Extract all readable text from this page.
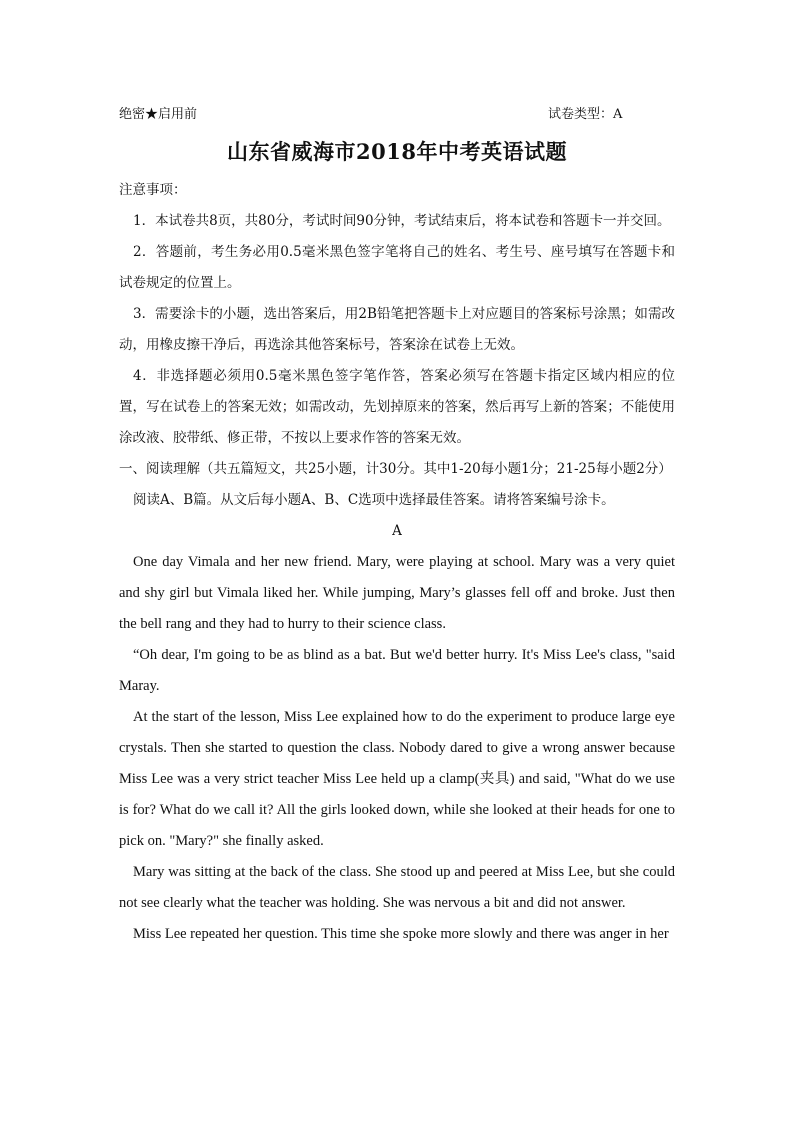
绝密★启用前	试卷类型：A
山东省威海市2018年中考英语试题

注意事项：

1．本试卷共8页，共80分，考试时间90分钟，考试结束后，将本试卷和答题卡一并交回。

2．答题前，考生务必用0.5毫米黑色签字笔将自己的姓名、考生号、座号填写在答题卡和试卷规定的位置上。

3．需要涂卡的小题，选出答案后，用2B铅笔把答题卡上对应题目的答案标号涂黑；如需改动，用橡皮擦干净后，再选涂其他答案标号，答案涂在试卷上无效。

4．非选择题必须用0.5毫米黑色签字笔作答，答案必须写在答题卡指定区域内相应的位置，写在试卷上的答案无效；如需改动，先划掉原来的答案，然后再写上新的答案；不能使用涂改液、胶带纸、修正带，不按以上要求作答的答案无效。

一、阅读理解（共五篇短文，共25小题，计30分。其中1-20每小题1分；21-25每小题2分）

阅读A、B篇。从文后每小题A、B、C选项中选择最佳答案。请将答案编号涂卡。

A

One day Vimala and her new friend. Mary, were playing at school. Mary was a very quiet and shy girl but Vimala liked her. While jumping, Mary’s glasses fell off and broke. Just then the bell rang and they had to hurry to their science class.

“Oh dear, I'm going to be as blind as a bat. But we'd better hurry. It's Miss Lee's class, "said Maray.

At the start of the lesson, Miss Lee explained how to do the experiment to produce large eye crystals. Then she started to question the class. Nobody dared to give a wrong answer because Miss Lee was a very strict teacher Miss Lee held up a clamp(夹具) and said, "What do we use is for? What do we call it? All the girls looked down, while she looked at their heads for one to pick on. "Mary?" she finally asked.

Mary was sitting at the back of the class. She stood up and peered at Miss Lee, but she could not see clearly what the teacher was holding. She was nervous a bit and did not answer.

Miss Lee repeated her question. This time she spoke more slowly and there was anger in her
